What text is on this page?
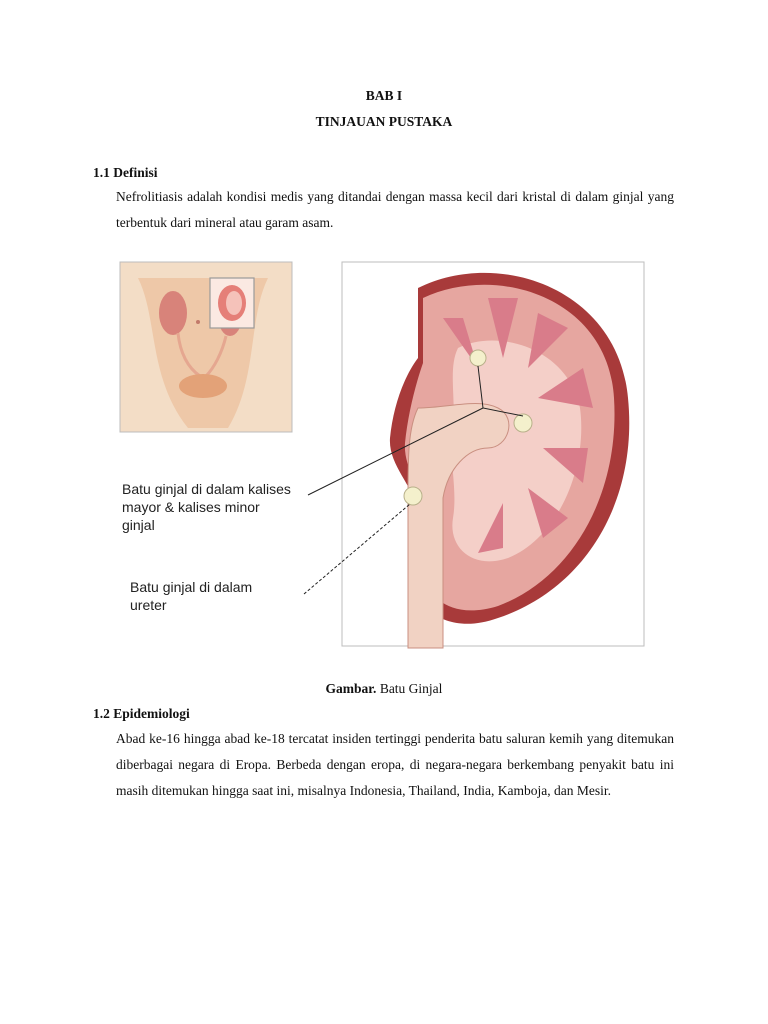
BAB I
TINJAUAN PUSTAKA
1.1 Definisi
Nefrolitiasis adalah kondisi medis yang ditandai dengan massa kecil dari kristal di dalam ginjal yang terbentuk dari mineral atau garam asam.
Batu ginjal di dalam kalises
mayor & kalises minor
ginjal
Batu ginjal di dalam
ureter
Gambar. Batu Ginjal
1.2 Epidemiologi
Abad ke-16 hingga abad ke-18 tercatat insiden tertinggi penderita batu saluran kemih yang ditemukan diberbagai negara di Eropa. Berbeda dengan eropa, di negara-negara berkembang penyakit batu ini masih ditemukan hingga saat ini, misalnya Indonesia, Thailand, India, Kamboja, dan Mesir.
